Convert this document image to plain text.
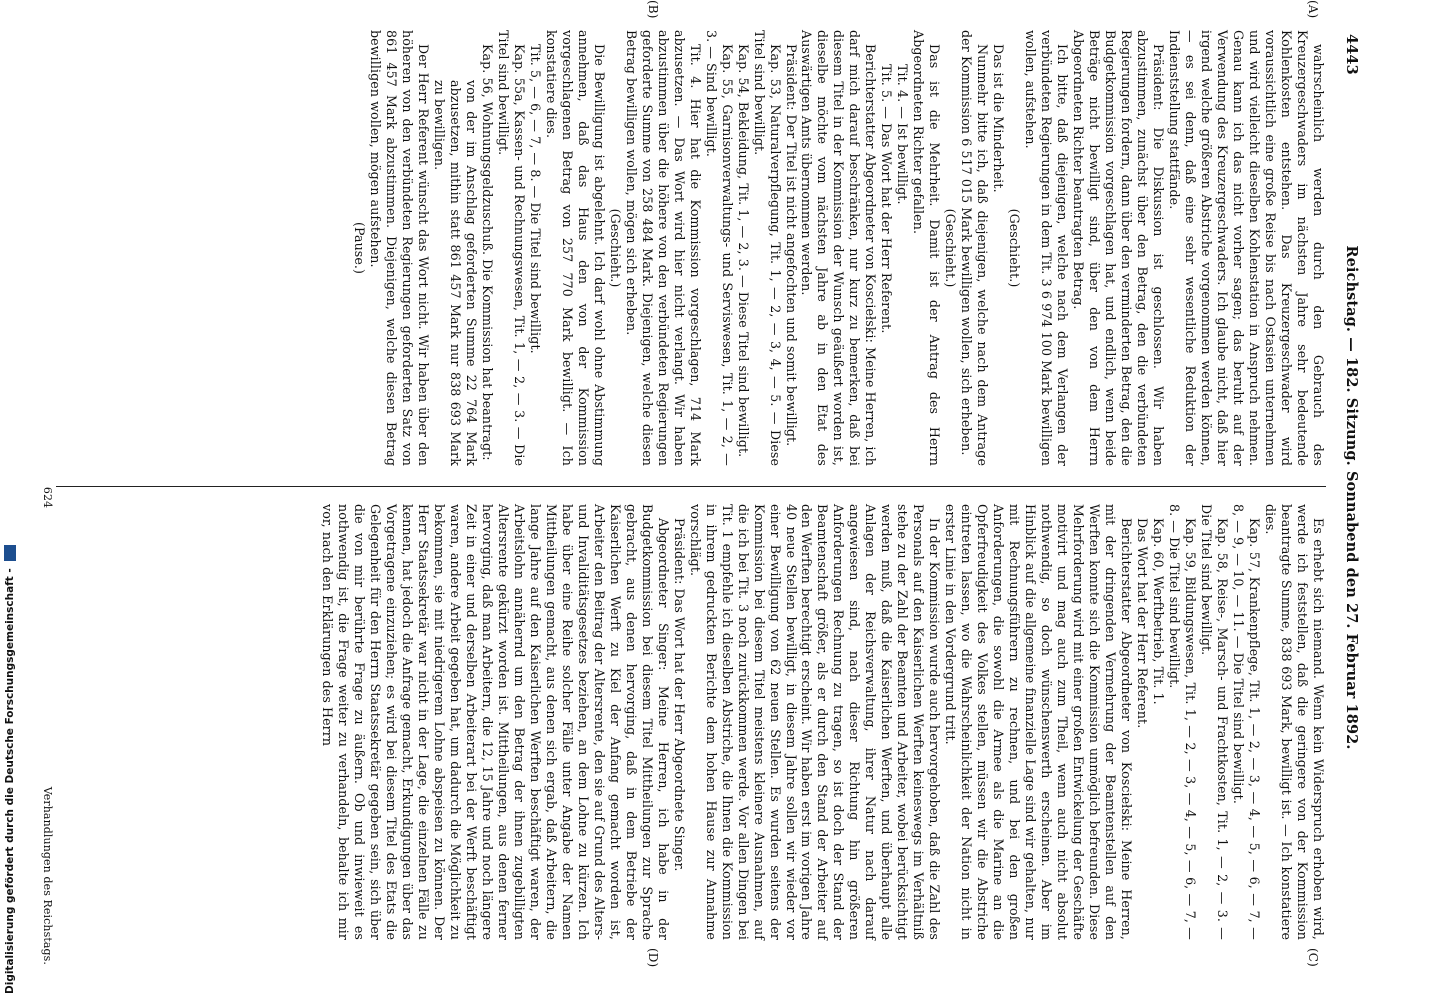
4443
Reichstag. — 182. Sitzung. Sonnabend den 27. Februar 1892.
(A)
(B)
(C)
(D)

wahrscheinlich werden durch den Gebrauch des Kreuzergeschwaders im nächsten Jahre sehr bedeutende Kohlenkosten entstehen. Das Kreuzergeschwader wird voraussichtlich eine große Reise bis nach Ostasien unternehmen und wird vielleicht dieselben Kohlenstation in Anspruch nehmen. Genau kann ich das nicht vorher sagen; das beruht auf der Verwendung des Kreuzergeschwaders. Ich glaube nicht, daß hier irgend welche größeren Abstriche vorgenommen werden können, — es sei denn, daß eine sehr wesentliche Reduktion der Indienststellung stattfände.

Präsident: Die Diskussion ist geschlossen. Wir haben abzustimmen, zunächst über den Betrag, den die verbündeten Regierungen fordern, dann über den verminderten Betrag, den die Budgetkommission vorgeschlagen hat, und endlich, wenn beide Beträge nicht bewilligt sind, über den von dem Herrn Abgeordneten Richter beantragten Betrag.

Ich bitte, daß diejenigen, welche nach dem Verlangen der verbündeten Regierungen in dem Tit. 3 6 974 100 Mark bewilligen wollen, aufstehen.

(Geschieht.)

Das ist die Minderheit.

Nunmehr bitte ich, daß diejenigen, welche nach dem Antrage der Kommission 6 517 015 Mark bewilligen wollen, sich erheben.

(Geschieht.)

Das ist die Mehrheit. Damit ist der Antrag des Herrn Abgeordneten Richter gefallen.

Tit. 4. — Ist bewilligt.

Tit. 5. — Das Wort hat der Herr Referent.

Berichterstatter Abgeordneter von Kosciełski: Meine Herren, ich darf mich darauf beschränken, nur kurz zu bemerken, daß bei diesem Titel in der Kommission der Wunsch geäußert worden ist, dieselbe möchte vom nächsten Jahre ab in den Etat des Auswärtigen Amts übernommen werden.

Präsident: Der Titel ist nicht angefochten und somit bewilligt.

Kap. 53, Naturalverpflegung, Tit. 1, — 2, — 3, 4, — 5. — Diese Titel sind bewilligt.

Kap. 54, Bekleidung, Tit. 1, — 2, 3. — Diese Titel sind bewilligt.

Kap. 55, Garnisonverwaltungs- und Serviswesen, Tit. 1, — 2, — 3. — Sind bewilligt.

Tit. 4. Hier hat die Kommission vorgeschlagen, 714 Mark abzusetzen. — Das Wort wird hier nicht verlangt. Wir haben abzustimmen über die höhere von den verbündeten Regierungen geforderte Summe von 258 484 Mark. Diejenigen, welche diesen Betrag bewilligen wollen, mögen sich erheben.

(Geschieht.)

Die Bewilligung ist abgelehnt. Ich darf wohl ohne Abstimmung annehmen, daß das Haus den von der Kommission vorgeschlagenen Betrag von 257 770 Mark bewilligt. — Ich konstatiere dies.

Tit. 5, — 6, — 7, — 8. — Die Titel sind bewilligt.

Kap. 55a, Kassen- und Rechnungswesen, Tit. 1, — 2, — 3. — Die Titel sind bewilligt.

Kap. 56, Wohnungsgeldzuschuß. Die Kommission hat beantragt:

von der im Anschlag geforderten Summe 22 764 Mark abzusetzen, mithin statt 861 457 Mark nur 838 693 Mark zu bewilligen.

Der Herr Referent wünscht das Wort nicht. Wir haben über den höheren von den verbündeten Regierungen geforderten Satz von 861 457 Mark abzustimmen. Diejenigen, welche diesen Betrag bewilligen wollen, mögen aufstehen.

(Pause.)

Es erhebt sich niemand. Wenn kein Widerspruch erhoben wird, werde ich feststellen, daß die geringere von der Kommission beantragte Summe, 838 693 Mark, bewilligt ist. — Ich konstatiere dies.

Kap. 57, Krankenpflege, Tit. 1, — 2, — 3, — 4, — 5, — 6, — 7, — 8, — 9, — 10, — 11. — Die Titel sind bewilligt.

Kap. 58, Reise-, Marsch- und Frachtkosten, Tit. 1, — 2, — 3. — Die Titel sind bewilligt.

Kap. 59, Bildungswesen, Tit. 1, — 2, — 3, — 4, — 5, — 6, — 7, — 8. — Die Titel sind bewilligt.

Kap. 60, Werftbetrieb, Tit. 1.

Das Wort hat der Herr Referent.

Berichterstatter Abgeordneter von Kosciełski: Meine Herren, mit der dringenden Vermehrung der Beamtenstellen auf den Werften konnte sich die Kommission unmöglich befreunden. Diese Mehrforderung wird mit einer großen Entwickelung der Geschäfte motivirt und mag auch zum Theil, wenn auch nicht absolut nothwendig, so doch wünschenswerth erscheinen. Aber im Hinblick auf die allgemeine finanzielle Lage sind wir gehalten, nur mit Rechnungsführern zu rechnen, und bei den großen Anforderungen, die sowohl die Armee als die Marine an die Opferfreudigkeit des Volkes stellen, müssen wir die Abstriche eintreten lassen, wo die Wahrscheinlichkeit der Nation nicht in erster Linie in den Vordergrund tritt.

In der Kommission wurde auch hervorgehoben, daß die Zahl des Personals auf den Kaiserlichen Werften keineswegs im Verhältniß stehe zu der Zahl der Beamten und Arbeiter, wobei berücksichtigt werden muß, daß die Kaiserlichen Werften, und überhaupt alle Anlagen der Reichsverwaltung, ihrer Natur nach darauf angewiesen sind, nach dieser Richtung hin größeren Anforderungen Rechnung zu tragen, so ist doch der Stand der Beamtenschaft größer, als er durch den Stand der Arbeiter auf den Werften berechtigt erscheint. Wir haben erst im vorigen Jahre 40 neue Stellen bewilligt, in diesem Jahre sollen wir wieder vor einer Bewilligung von 62 neuen Stellen. Es wurden seitens der Kommission bei diesem Titel meistens kleinere Ausnahmen, auf die ich bei Tit. 3 noch zurückkommen werde. Vor allen Dingen bei Tit. 1 empfehle ich dieselben Abstriche, die Ihnen die Kommission in ihrem gedruckten Berichte dem hohen Hause zur Annahme vorschlägt.

Präsident: Das Wort hat der Herr Abgeordnete Singer.

Abgeordneter Singer: Meine Herren, ich habe in der Budgetkommission bei diesem Titel Mittheilungen zur Sprache gebracht, aus denen hervorging, daß in dem Betriebe der Kaiserlichen Werft zu Kiel der Anfang gemacht worden ist, Arbeiter den Beitrag der Altersrente, den sie auf Grund des Alters- und Invaliditätsgesetzes beziehen, an dem Lohne zu kürzen. Ich habe über eine Reihe solcher Fälle unter Angabe der Namen Mittheilungen gemacht, aus denen sich ergab, daß Arbeitern, die lange Jahre auf den Kaiserlichen Werften beschäftigt waren, der Arbeitslohn annähernd um den Betrag der ihnen zugebilligten Altersrente gekürzt worden ist. Mittheilungen, aus denen ferner hervorging, daß man Arbeitern, die 12, 15 Jahre und noch längere Zeit in einer und derselben Arbeiterart bei der Werft beschäftigt waren, andere Arbeit gegeben hat, um dadurch die Möglichkeit zu bekommen, sie mit niedrigerem Lohne abspeisen zu können. Der Herr Staatssekretär war nicht in der Lage, die einzelnen Fälle zu kennen, hat jedoch die Anfrage gemacht, Erkundigungen über das Vorgetragene einzuziehen; es wird bei diesem Titel des Etats die Gelegenheit für den Herrn Staatssekretär gegeben sein, sich über die von mir berührte Frage zu äußern. Ob und inwieweit es nothwendig ist, die Frage weiter zu verhandeln, behalte ich mir vor, nach den Erklärungen des Herrn

Verhandlungen des Reichstags.
624
Digitalisierung gefördert durch die Deutsche Forschungsgemeinschaft -
